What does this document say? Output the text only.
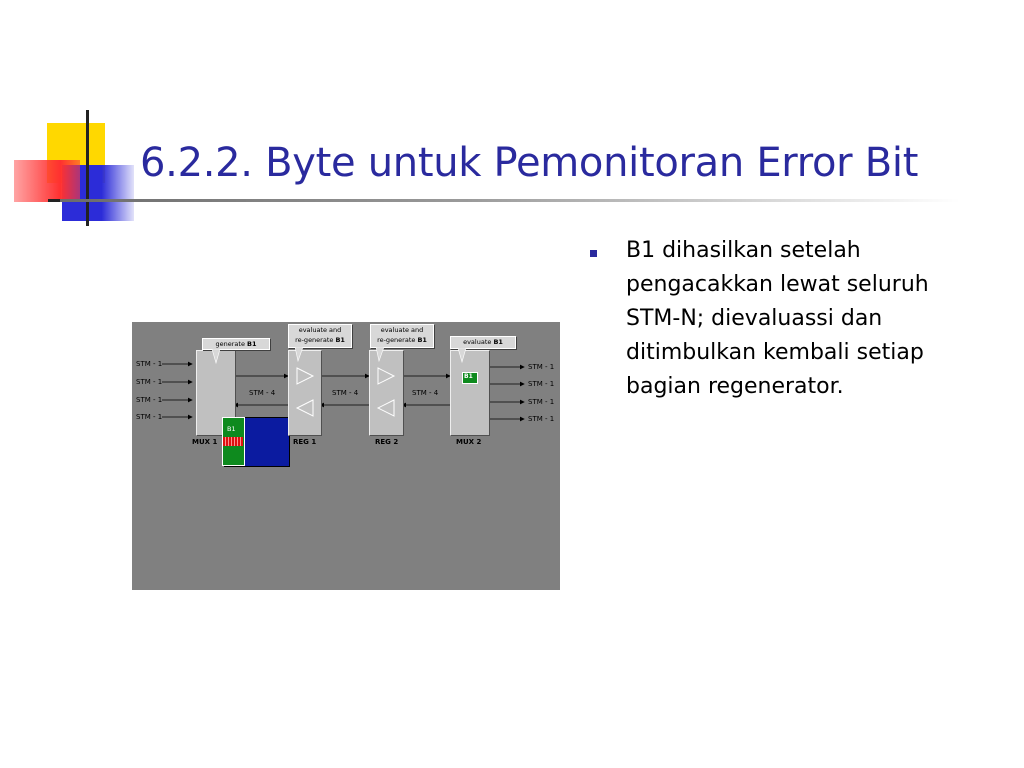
6.2.2. Byte untuk Pemonitoran Error Bit
B1 dihasilkan setelah pengacakkan lewat seluruh STM-N; dievaluassi dan ditimbulkan kembali setiap bagian regenerator.
STM - 1
STM - 1
STM - 1
STM - 1
MUX 1
generate B1
B1
STM - 4	STM - 4	STM - 4
REG 1
evaluate and
re-generate B1
REG 2
evaluate and
re-generate B1
B1
MUX 2
evaluate B1
STM - 1
STM - 1
STM - 1
STM - 1
